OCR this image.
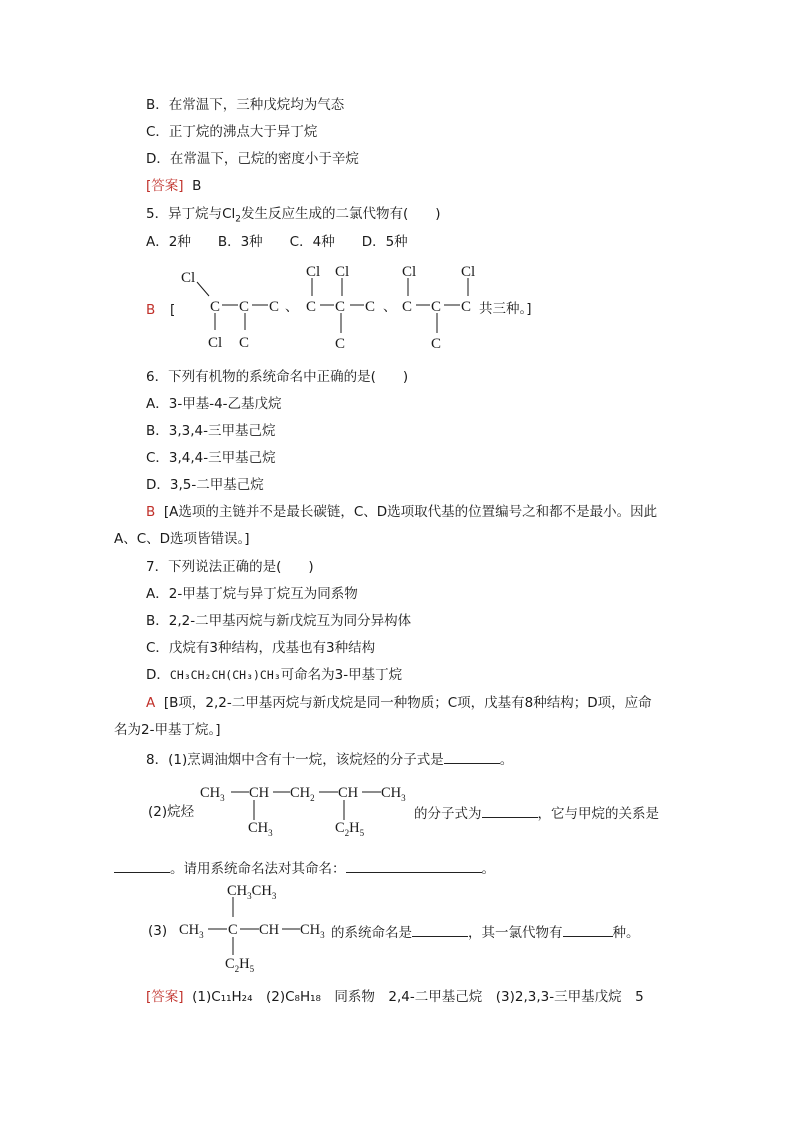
B．在常温下，三种戊烷均为气态
C．正丁烷的沸点大于异丁烷
D．在常温下，己烷的密度小于辛烷
[答案] B
5．异丁烷与$Cl_2$发生反应生成的二氯代物有(　　)
A．2种　　B．3种　　C．4种　　D．5种
B [
Cl
C C C
Cl C
Cl Cl
C C C
C
Cl	Cl
C C C
C
、	、	共三种。]
6．下列有机物的系统命名中正确的是(　　)
A．3-甲基-4-乙基戊烷
B．3,3,4-三甲基己烷
C．3,4,4-三甲基己烷
D．3,5-二甲基己烷
B [A选项的主链并不是最长碳链，C、D选项取代基的位置编号之和都不是最小。因此
A、C、D选项皆错误。]
7．下列说法正确的是(　　)
A．2-甲基丁烷与异丁烷互为同系物
B．2,2-二甲基丙烷与新戊烷互为同分异构体
C．戊烷有3种结构，戊基也有3种结构
D．CH₃CH₂CH(CH₃)CH₃可命名为3-甲基丁烷
A [B项，2,2-二甲基丙烷与新戊烷是同一种物质；C项，戊基有8种结构；D项，应命
名为2-甲基丁烷。]
8．(1)烹调油烟中含有十一烷，该烷烃的分子式是	。
$CH_3$ CH $CH_2$ CH $CH_3$
$CH_3$	$C_2H_5$
(2)烷烃	的分子式为	，它与甲烷的关系是
。请用系统命名法对其命名：	。
$CH_3CH_3$
$CH_3$ C CH $CH_3$
$C_2H_5$
(3)	的系统命名是	，其一氯代物有	种。
[答案] (1)C₁₁H₂₄　(2)C₈H₁₈　同系物　2,4-二甲基己烷　(3)2,3,3-三甲基戊烷　5
